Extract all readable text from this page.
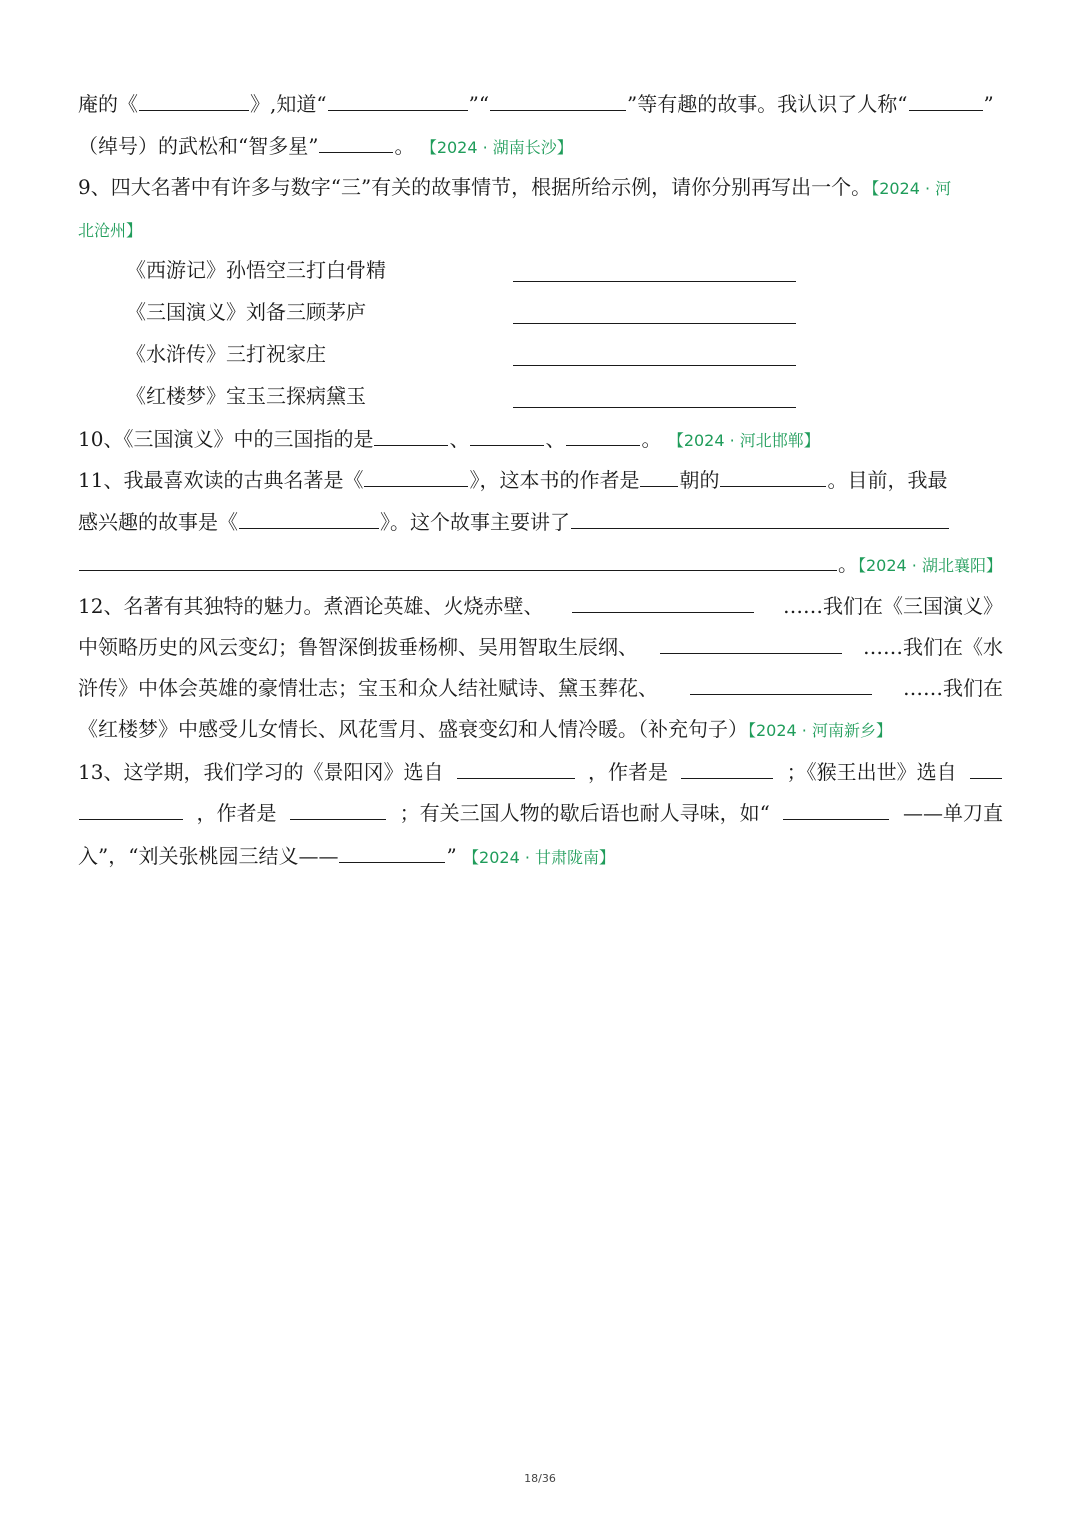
庵的《	》,知道“	”“	”等有趣的故事。我认识了人称“	”
（绰号）的武松和“智多星”	。 【2024 · 湖南长沙】
9、四大名著中有许多与数字“三”有关的故事情节，根据所给示例，请你分别再写出一个。【2024 · 河
北沧州】
《西游记》孙悟空三打白骨精
《三国演义》刘备三顾茅庐
《水浒传》三打祝家庄
《红楼梦》宝玉三探病黛玉
10、《三国演义》中的三国指的是	、	、	。 【2024 · 河北邯郸】
11、我最喜欢读的古典名著是《	》，这本书的作者是 朝的	。目前，我最
感兴趣的故事是《	》。这个故事主要讲了
。【2024 · 湖北襄阳】
12、名著有其独特的魅力。煮酒论英雄、火烧赤壁、	……我们在《三国演义》
中领略历史的风云变幻；鲁智深倒拔垂杨柳、吴用智取生辰纲、	……我们在《水
浒传》中体会英雄的豪情壮志；宝玉和众人结社赋诗、黛玉葬花、	……我们在
《红楼梦》中感受儿女情长、风花雪月、盛衰变幻和人情冷暖。（补充句子）【2024 · 河南新乡】
13、这学期，我们学习的《景阳冈》选自	，作者是	；《猴王出世》选自
，作者是	；有关三国人物的歇后语也耐人寻味，如“	——单刀直
入”，“刘关张桃园三结义——	” 【2024 · 甘肃陇南】
18/36
